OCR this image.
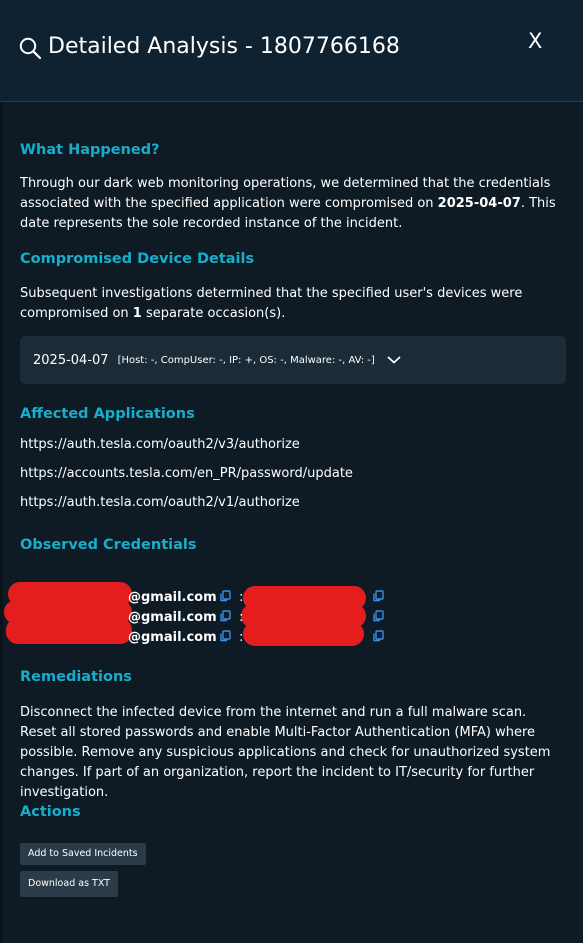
Detailed Analysis - 1807766168	X
What Happened?

Through our dark web monitoring operations, we determined that the credentials associated with the specified application were compromised on 2025-04-07. This date represents the sole recorded instance of the incident.

Compromised Device Details

Subsequent investigations determined that the specified user's devices were compromised on 1 separate occasion(s).

2025-04-07 [Host: -, CompUser: -, IP: +, OS: -, Malware: -, AV: -]
Affected Applications
https://auth.tesla.com/oauth2/v3/authorize
https://accounts.tesla.com/en_PR/password/update
https://auth.tesla.com/oauth2/v1/authorize
Observed Credentials
@gmail.com :
@gmail.com :
@gmail.com :
Remediations

Disconnect the infected device from the internet and run a full malware scan. Reset all stored passwords and enable Multi-Factor Authentication (MFA) where possible. Remove any suspicious applications and check for unauthorized system changes. If part of an organization, report the incident to IT/security for further investigation.

Actions
Add to Saved Incidents
Download as TXT
